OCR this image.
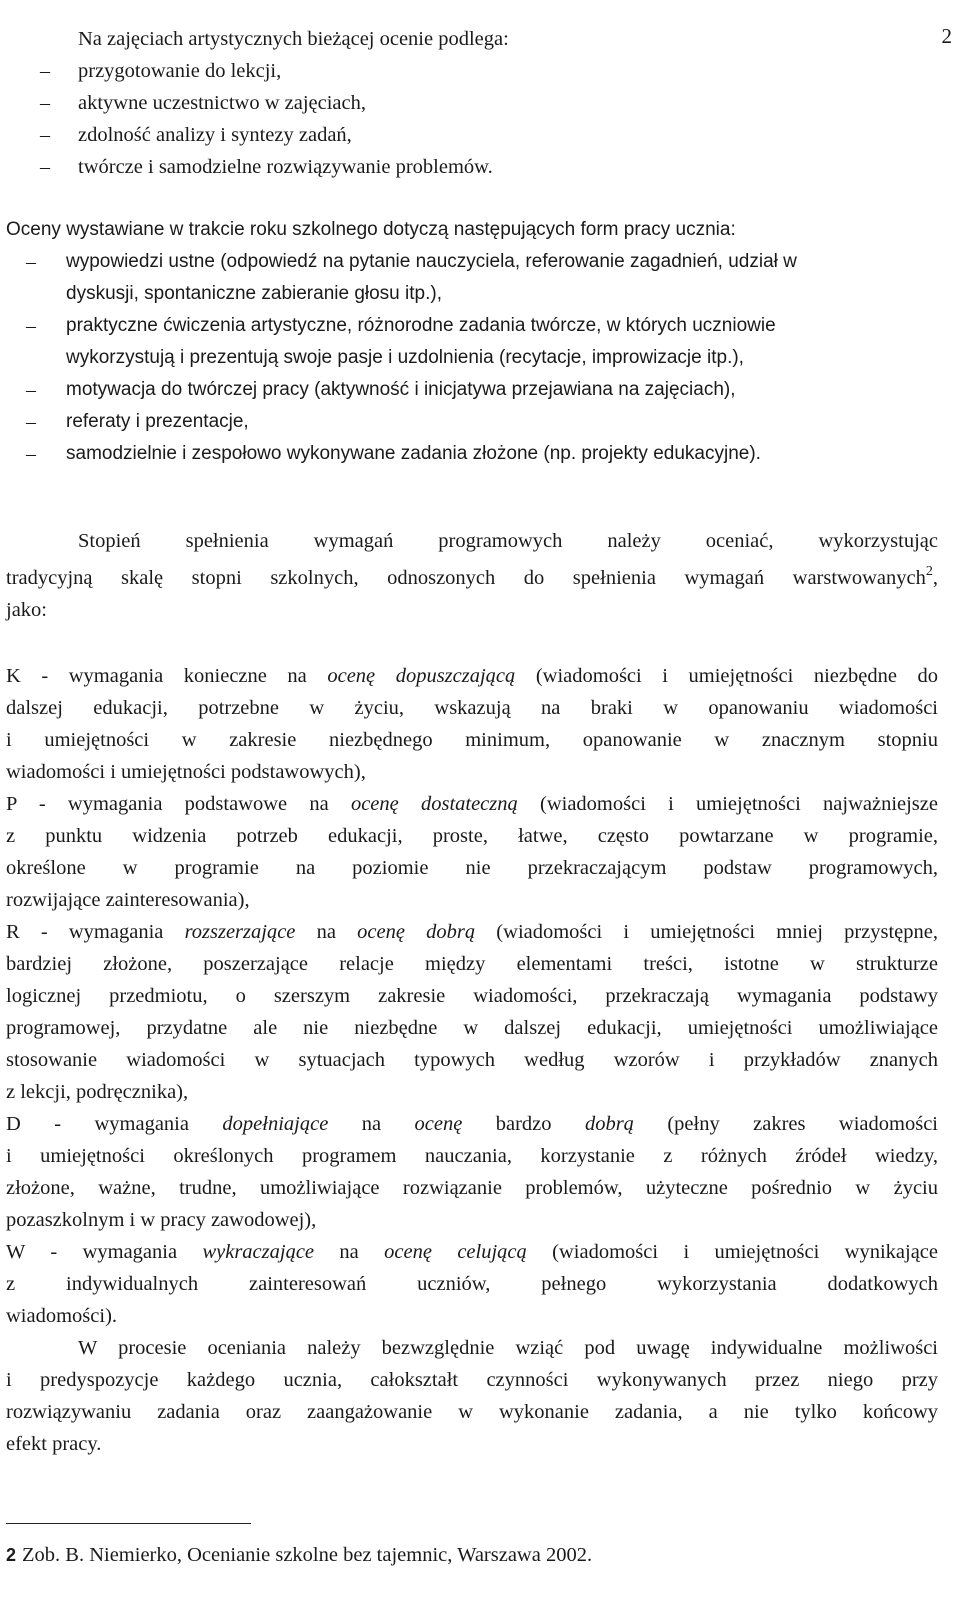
2
Na zajęciach artystycznych bieżącej ocenie podlega:
– przygotowanie do lekcji,
– aktywne uczestnictwo w zajęciach,
– zdolność analizy i syntezy zadań,
– twórcze i samodzielne rozwiązywanie problemów.
Oceny wystawiane w trakcie roku szkolnego dotyczą następujących form pracy ucznia:
– wypowiedzi ustne (odpowiedź na pytanie nauczyciela, referowanie zagadnień, udział w
dyskusji, spontaniczne zabieranie głosu itp.),
– praktyczne ćwiczenia artystyczne, różnorodne zadania twórcze, w których uczniowie
wykorzystują i prezentują swoje pasje i uzdolnienia (recytacje, improwizacje itp.),
– motywacja do twórczej pracy (aktywność i inicjatywa przejawiana na zajęciach),
– referaty i prezentacje,
– samodzielnie i zespołowo wykonywane zadania złożone (np. projekty edukacyjne).
Stopień spełnienia wymagań programowych należy oceniać, wykorzystując
tradycyjną skalę stopni szkolnych, odnoszonych do spełnienia wymagań warstwowanych$^2$,
jako:
K - wymagania konieczne na ocenę dopuszczającą (wiadomości i umiejętności niezbędne do
dalszej edukacji, potrzebne w życiu, wskazują na braki w opanowaniu wiadomości
i umiejętności w zakresie niezbędnego minimum, opanowanie w znacznym stopniu
wiadomości i umiejętności podstawowych),
P - wymagania podstawowe na ocenę dostateczną (wiadomości i umiejętności najważniejsze
z punktu widzenia potrzeb edukacji, proste, łatwe, często powtarzane w programie,
określone w programie na poziomie nie przekraczającym podstaw programowych,
rozwijające zainteresowania),
R - wymagania rozszerzające na ocenę dobrą (wiadomości i umiejętności mniej przystępne,
bardziej złożone, poszerzające relacje między elementami treści, istotne w strukturze
logicznej przedmiotu, o szerszym zakresie wiadomości, przekraczają wymagania podstawy
programowej, przydatne ale nie niezbędne w dalszej edukacji, umiejętności umożliwiające
stosowanie wiadomości w sytuacjach typowych według wzorów i przykładów znanych
z lekcji, podręcznika),
D - wymagania dopełniające na ocenę bardzo dobrą (pełny zakres wiadomości
i umiejętności określonych programem nauczania, korzystanie z różnych źródeł wiedzy,
złożone, ważne, trudne, umożliwiające rozwiązanie problemów, użyteczne pośrednio w życiu
pozaszkolnym i w pracy zawodowej),
W - wymagania wykraczające na ocenę celującą (wiadomości i umiejętności wynikające
z indywidualnych zainteresowań uczniów, pełnego wykorzystania dodatkowych
wiadomości).
W procesie oceniania należy bezwzględnie wziąć pod uwagę indywidualne możliwości
i predyspozycje każdego ucznia, całokształt czynności wykonywanych przez niego przy
rozwiązywaniu zadania oraz zaangażowanie w wykonanie zadania, a nie tylko końcowy
efekt pracy.
2 Zob. B. Niemierko, Ocenianie szkolne bez tajemnic, Warszawa 2002.
